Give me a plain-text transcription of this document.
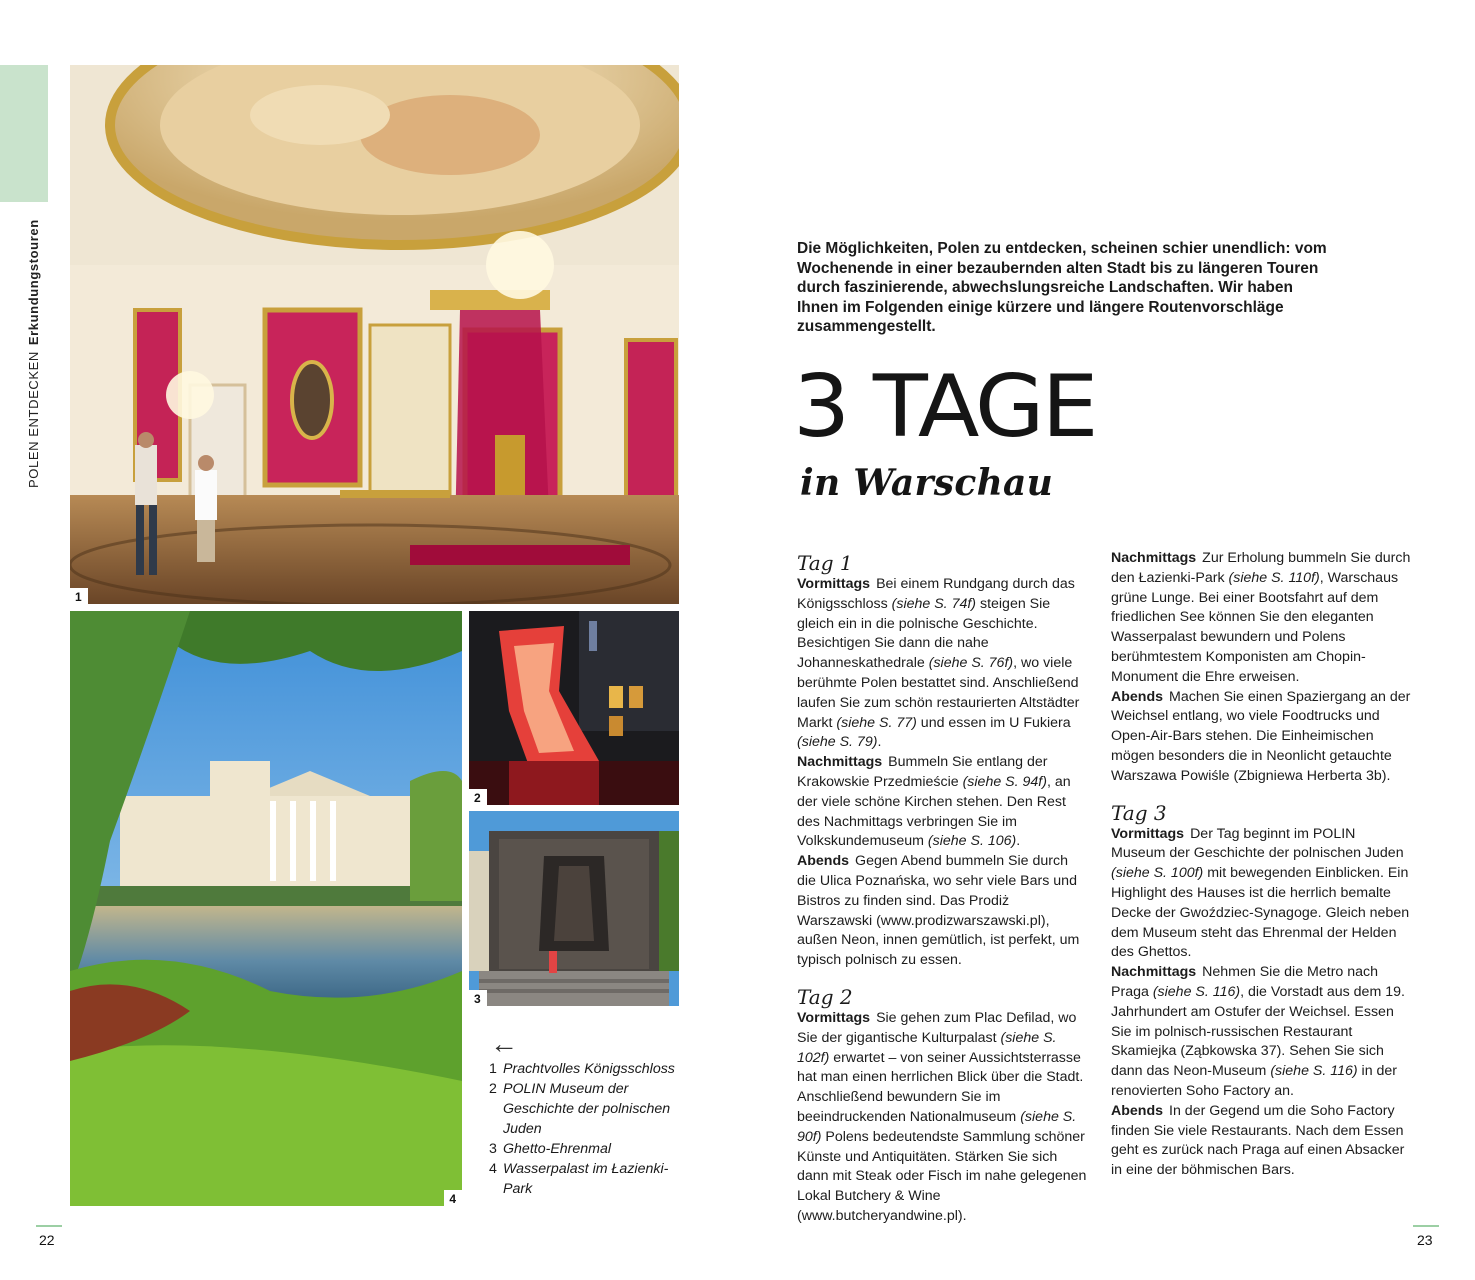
POLEN ENTDECKENErkundungstouren
1
4
2
3
←
1 Prachtvolles Königsschloss
2 POLIN Museum der Geschichte der polnischen Juden
3 Ghetto-Ehrenmal
4 Wasserpalast im Łazienki-Park
Die Möglichkeiten, Polen zu entdecken, scheinen schier unendlich: vom Wochenende in einer bezaubernden alten Stadt bis zu längeren Touren durch faszinierende, abwechslungsreiche Landschaften. Wir haben Ihnen im Folgenden einige kürzere und längere Routenvorschläge zusammengestellt.
3 TAGE
in Warschau
Tag 1
Vormittags Bei einem Rundgang durch das Königsschloss (siehe S. 74f) steigen Sie gleich ein in die polnische Geschichte. Besichtigen Sie dann die nahe Johanneskathedrale (siehe S. 76f), wo viele berühmte Polen bestattet sind. Anschließend laufen Sie zum schön restaurierten Altstädter Markt (siehe S. 77) und essen im U Fukiera (siehe S. 79).
Nachmittags Bummeln Sie entlang der Krakowskie Przedmieście (siehe S. 94f), an der viele schöne Kirchen stehen. Den Rest des Nachmittags verbringen Sie im Volkskundemuseum (siehe S. 106).
Abends Gegen Abend bummeln Sie durch die Ulica Poznańska, wo sehr viele Bars und Bistros zu finden sind. Das Prodiż Warszawski (www.prodizwarszawski.pl), außen Neon, innen gemütlich, ist perfekt, um typisch polnisch zu essen.
Tag 2
Vormittags Sie gehen zum Plac Defilad, wo Sie der gigantische Kulturpalast (siehe S. 102f) erwartet – von seiner Aussichtsterrasse hat man einen herrlichen Blick über die Stadt. Anschließend bewundern Sie im beeindruckenden Nationalmuseum (siehe S. 90f) Polens bedeutendste Sammlung schöner Künste und Antiquitäten. Stärken Sie sich dann mit Steak oder Fisch im nahe gelegenen Lokal Butchery & Wine (www.butcheryandwine.pl).
Nachmittags Zur Erholung bummeln Sie durch den Łazienki-Park (siehe S. 110f), Warschaus grüne Lunge. Bei einer Bootsfahrt auf dem friedlichen See können Sie den eleganten Wasserpalast bewundern und Polens berühmtestem Komponisten am Chopin-Monument die Ehre erweisen.
Abends Machen Sie einen Spaziergang an der Weichsel entlang, wo viele Foodtrucks und Open-Air-Bars stehen. Die Einheimischen mögen besonders die in Neonlicht getauchte Warszawa Powiśle (Zbigniewa Herberta 3b).
Tag 3
Vormittags Der Tag beginnt im POLIN Museum der Geschichte der polnischen Juden (siehe S. 100f) mit bewegenden Einblicken. Ein Highlight des Hauses ist die herrlich bemalte Decke der Gwoździec-Synagoge. Gleich neben dem Museum steht das Ehrenmal der Helden des Ghettos.
Nachmittags Nehmen Sie die Metro nach Praga (siehe S. 116), die Vorstadt aus dem 19. Jahrhundert am Ostufer der Weichsel. Essen Sie im polnisch-russischen Restaurant Skamiejka (Ząbkowska 37). Sehen Sie sich dann das Neon-Museum (siehe S. 116) in der renovierten Soho Factory an.
Abends In der Gegend um die Soho Factory finden Sie viele Restaurants. Nach dem Essen geht es zurück nach Praga auf einen Absacker in eine der böhmischen Bars.
22	23
